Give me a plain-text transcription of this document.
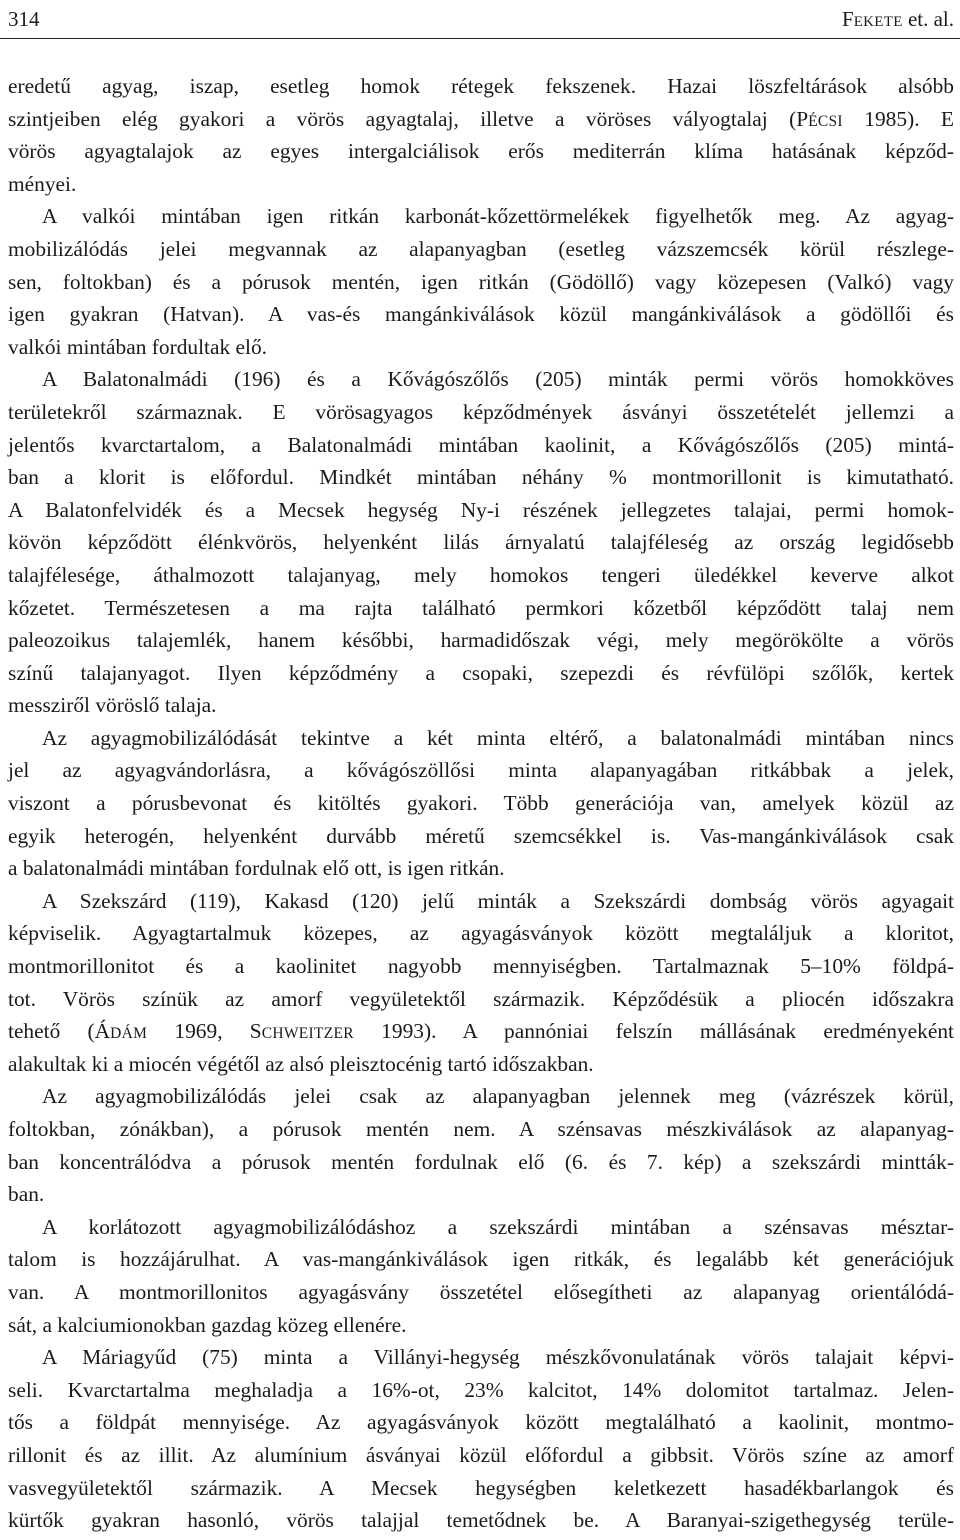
314	FEKETE et. al.
eredetű agyag, iszap, esetleg homok rétegek fekszenek. Hazai löszfeltárások alsóbb
szintjeiben elég gyakori a vörös agyagtalaj, illetve a vöröses vályogtalaj (PÉCSI 1985). E
vörös agyagtalajok az egyes intergalciálisok erős mediterrán klíma hatásának képződ-
ményei.
A valkói mintában igen ritkán karbonát-kőzettörmelékek figyelhetők meg. Az agyag-
mobilizálódás jelei megvannak az alapanyagban (esetleg vázszemcsék körül részlege-
sen, foltokban) és a pórusok mentén, igen ritkán (Gödöllő) vagy közepesen (Valkó) vagy
igen gyakran (Hatvan). A vas-és mangánkiválások közül mangánkiválások a gödöllői és
valkói mintában fordultak elő.
A Balatonalmádi (196) és a Kővágószőlős (205) minták permi vörös homokköves
területekről származnak. E vörösagyagos képződmények ásványi összetételét jellemzi a
jelentős kvarctartalom, a Balatonalmádi mintában kaolinit, a Kővágószőlős (205) mintá-
ban a klorit is előfordul. Mindkét mintában néhány % montmorillonit is kimutatható.
A Balatonfelvidék és a Mecsek hegység Ny-i részének jellegzetes talajai, permi homok-
kövön képződött élénkvörös, helyenként lilás árnyalatú talajféleség az ország legidősebb
talajfélesége, áthalmozott talajanyag, mely homokos tengeri üledékkel keverve alkot
kőzetet. Természetesen a ma rajta található permkori kőzetből képződött talaj nem
paleozoikus talajemlék, hanem későbbi, harmadidőszak végi, mely megörökölte a vörös
színű talajanyagot. Ilyen képződmény a csopaki, szepezdi és révfülöpi szőlők, kertek
messziről vöröslő talaja.
Az agyagmobilizálódását tekintve a két minta eltérő, a balatonalmádi mintában nincs
jel az agyagvándorlásra, a kővágószöllősi minta alapanyagában ritkábbak a jelek,
viszont a pórusbevonat és kitöltés gyakori. Több generációja van, amelyek közül az
egyik heterogén, helyenként durvább méretű szemcsékkel is. Vas-mangánkiválások csak
a balatonalmádi mintában fordulnak elő ott, is igen ritkán.
A Szekszárd (119), Kakasd (120) jelű minták a Szekszárdi dombság vörös agyagait
képviselik. Agyagtartalmuk közepes, az agyagásványok között megtaláljuk a kloritot,
montmorillonitot és a kaolinitet nagyobb mennyiségben. Tartalmaznak 5–10% földpá-
tot. Vörös színük az amorf vegyületektől származik. Képződésük a pliocén időszakra
tehető (ÁDÁM 1969, SCHWEITZER 1993). A pannóniai felszín mállásának eredményeként
alakultak ki a miocén végétől az alsó pleisztocénig tartó időszakban.
Az agyagmobilizálódás jelei csak az alapanyagban jelennek meg (vázrészek körül,
foltokban, zónákban), a pórusok mentén nem. A szénsavas mészkiválások az alapanyag-
ban koncentrálódva a pórusok mentén fordulnak elő (6. és 7. kép) a szekszárdi mintták-
ban.
A korlátozott agyagmobilizálódáshoz a szekszárdi mintában a szénsavas mésztar-
talom is hozzájárulhat. A vas-mangánkiválások igen ritkák, és legalább két generációjuk
van. A montmorillonitos agyagásvány összetétel elősegítheti az alapanyag orientálódá-
sát, a kalciumionokban gazdag közeg ellenére.
A Máriagyűd (75) minta a Villányi-hegység mészkővonulatának vörös talajait képvi-
seli. Kvarctartalma meghaladja a 16%-ot, 23% kalcitot, 14% dolomitot tartalmaz. Jelen-
tős a földpát mennyisége. Az agyagásványok között megtalálható a kaolinit, montmo-
rillonit és az illit. Az alumínium ásványai közül előfordul a gibbsit. Vörös színe az amorf
vasvegyületektől származik. A Mecsek hegységben keletkezett hasadékbarlangok és
kürtők gyakran hasonló, vörös talajjal temetődnek be. A Baranyai-szigethegység terüle-
